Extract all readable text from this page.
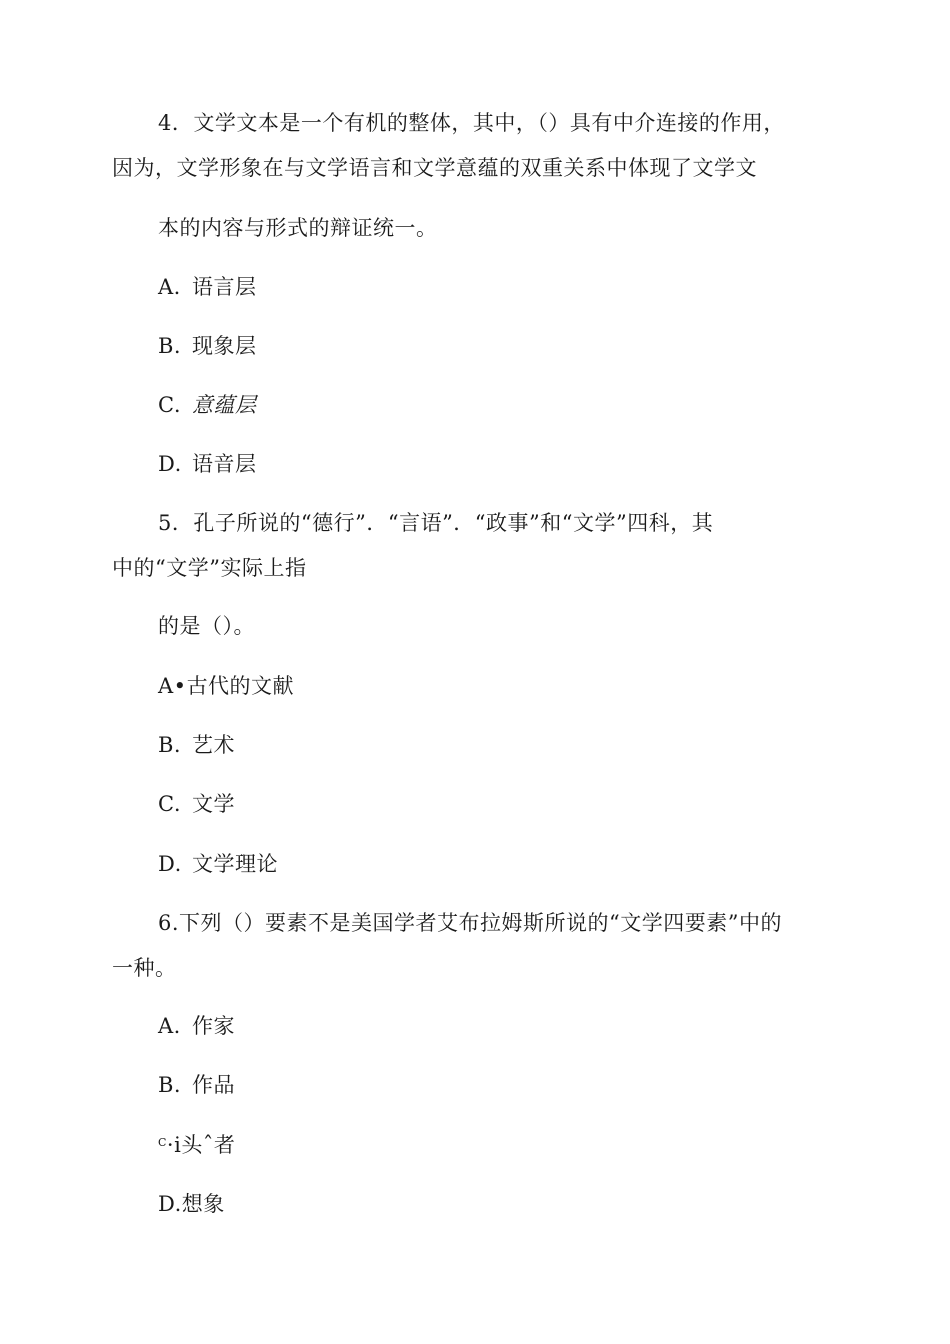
4．文学文本是一个有机的整体，其中，（）具有中介连接的作用，
因为，文学形象在与文学语言和文学意蕴的双重关系中体现了文学文
本的内容与形式的辩证统一。
A. 语言层
B. 现象层
C. 意蕴层
D. 语音层
5．孔子所说的“德行”．“言语”．“政事”和“文学”四科，其
中的“文学”实际上指
的是（）。
A•古代的文献
B. 艺术
C. 文学
D. 文学理论
6.下列（）要素不是美国学者艾布拉姆斯所说的“文学四要素”中的
一种。
A. 作家
B. 作品
$^C$·i头ˆ者
D.想象
